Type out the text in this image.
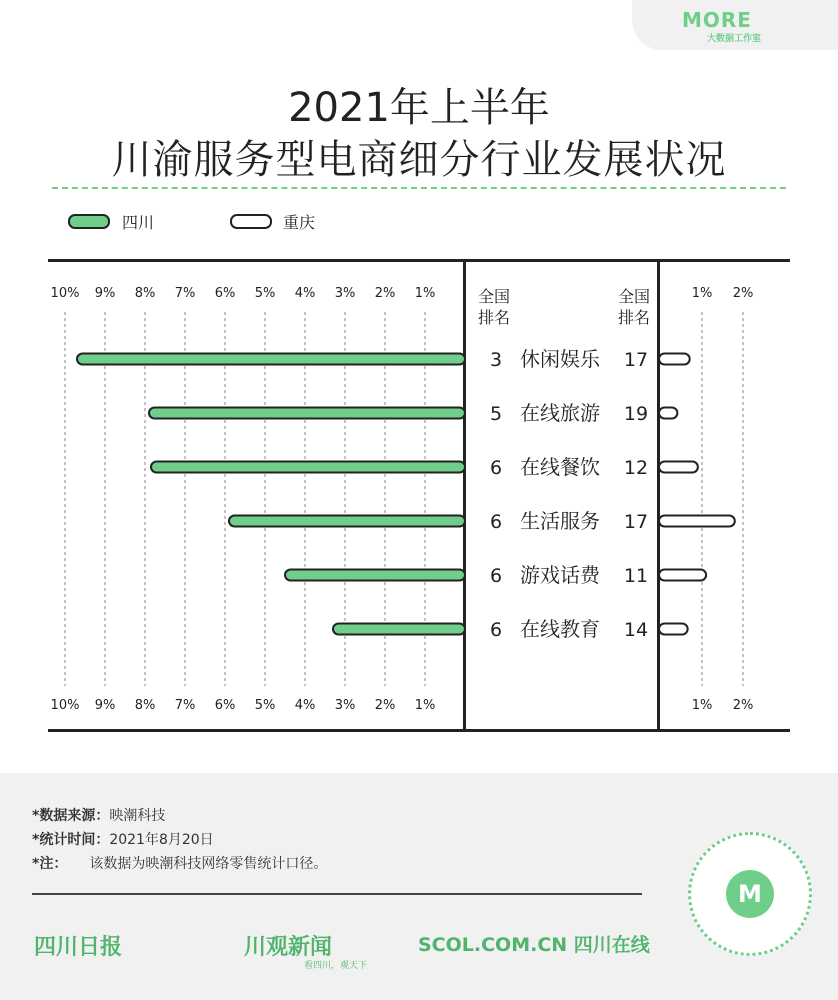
MORE
大数据工作室
2021年上半年
川渝服务型电商细分行业发展状况
四川	重庆
全国
排名
全国
排名
10%
10%
9%
9%
8%
8%
7%
7%
6%
6%
5%
5%
4%
4%
3%
3%
2%
2%
1%
1%
1%
1%
2%
2%
3 休闲娱乐 17
5 在线旅游 19
6 在线餐饮 12
6 生活服务 17
6 游戏话费 11
6 在线教育 14
*数据来源：映潮科技
*统计时间：2021年8月20日
*注： 该数据为映潮科技网络零售统计口径。
四川日报	川观新闻
看四川，观天下
SCOL.COM.CN 四川在线
M
